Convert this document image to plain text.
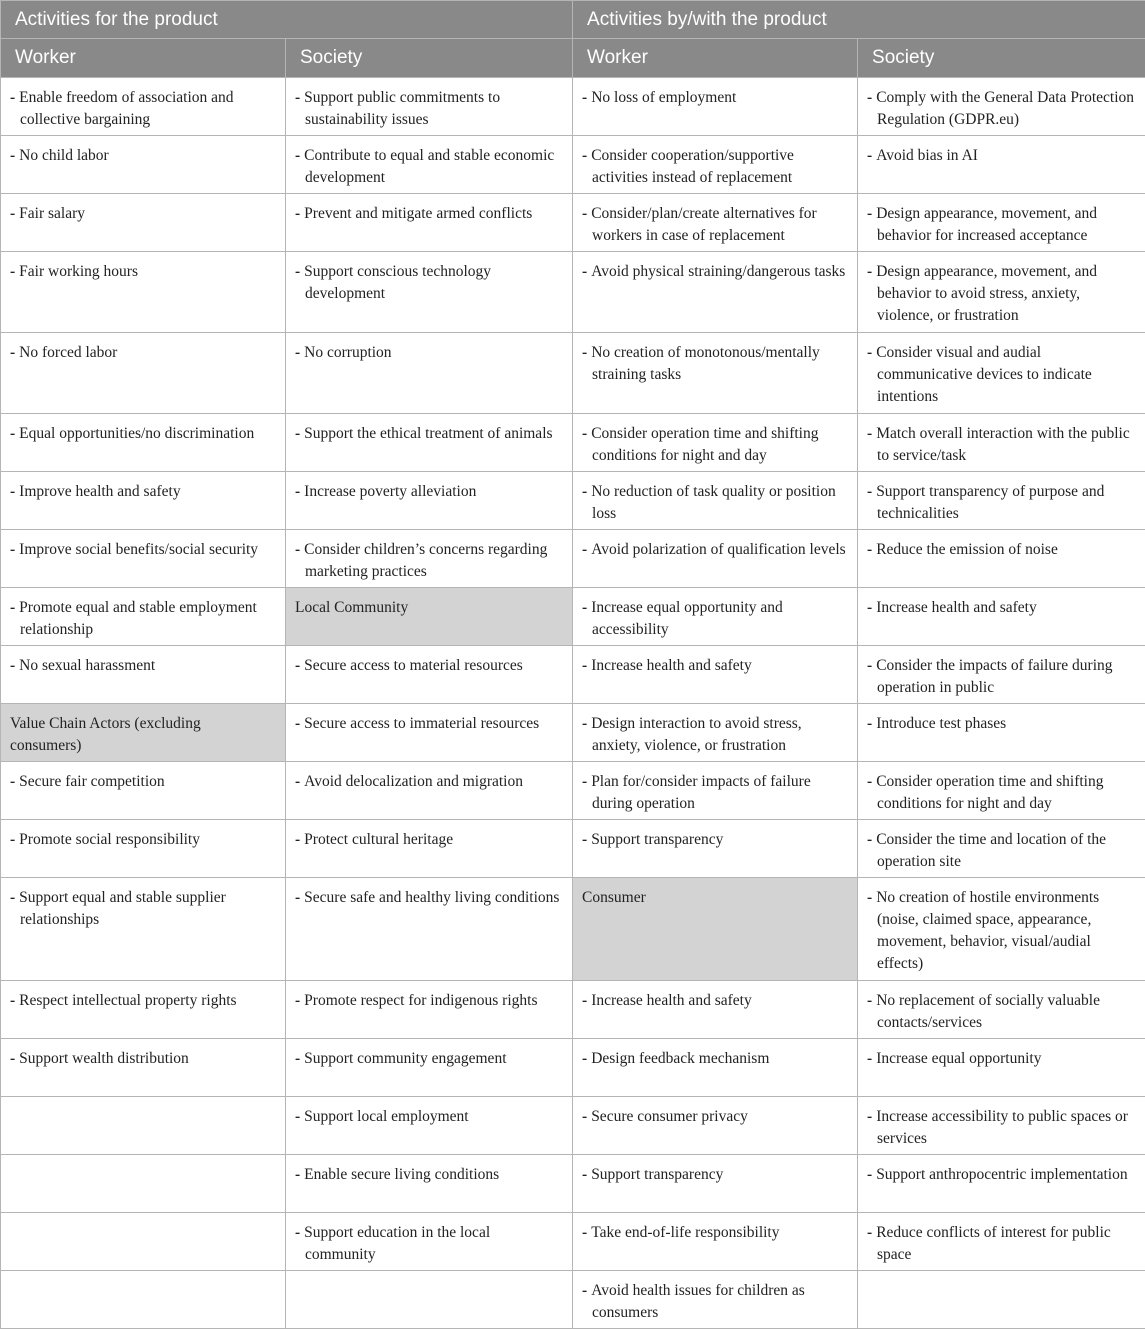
Activities for the product		Activities by/with the product	
Worker	Society	Worker	Society

- Enable freedom of association and collective bargaining	- Support public commitments to sustainability issues	- No loss of employment	- Comply with the General Data Protection Regulation (GDPR.eu)

- No child labor	- Contribute to equal and stable economic development	- Consider cooperation/supportive activities instead of replacement	- Avoid bias in AI

- Fair salary	- Prevent and mitigate armed conflicts	- Consider/plan/create alternatives for workers in case of replacement	- Design appearance, movement, and behavior for increased acceptance

- Fair working hours	- Support conscious technology development	- Avoid physical straining/dangerous tasks	- Design appearance, movement, and behavior to avoid stress, anxiety, violence, or frustration

- No forced labor	- No corruption	- No creation of monotonous/mentally straining tasks	- Consider visual and audial communicative devices to indicate intentions

- Equal opportunities/no discrimination	- Support the ethical treatment of animals	- Consider operation time and shifting conditions for night and day	- Match overall interaction with the public to service/task

- Improve health and safety	- Increase poverty alleviation	- No reduction of task quality or position loss	- Support transparency of purpose and technicalities

- Improve social benefits/social security	- Consider children’s concerns regarding marketing practices	- Avoid polarization of qualification levels	- Reduce the emission of noise

- Promote equal and stable employment relationship	Local Community	- Increase equal opportunity and accessibility	- Increase health and safety

- No sexual harassment	- Secure access to material resources	- Increase health and safety	- Consider the impacts of failure during operation in public

Value Chain Actors (excluding consumers)	- Secure access to immaterial resources	- Design interaction to avoid stress, anxiety, violence, or frustration	- Introduce test phases

- Secure fair competition	- Avoid delocalization and migration	- Plan for/consider impacts of failure during operation	- Consider operation time and shifting conditions for night and day

- Promote social responsibility	- Protect cultural heritage	- Support transparency	- Consider the time and location of the operation site

- Support equal and stable supplier relationships	- Secure safe and healthy living conditions	Consumer	- No creation of hostile environments (noise, claimed space, appearance, movement, behavior, visual/audial effects)

- Respect intellectual property rights	- Promote respect for indigenous rights	- Increase health and safety	- No replacement of socially valuable contacts/services

- Support wealth distribution	- Support community engagement	- Design feedback mechanism	- Increase equal opportunity

	- Support local employment	- Secure consumer privacy	- Increase accessibility to public spaces or services

	- Enable secure living conditions	- Support transparency	- Support anthropocentric implementation

	- Support education in the local community	- Take end-of-life responsibility	- Reduce conflicts of interest for public space

		- Avoid health issues for children as consumers	
